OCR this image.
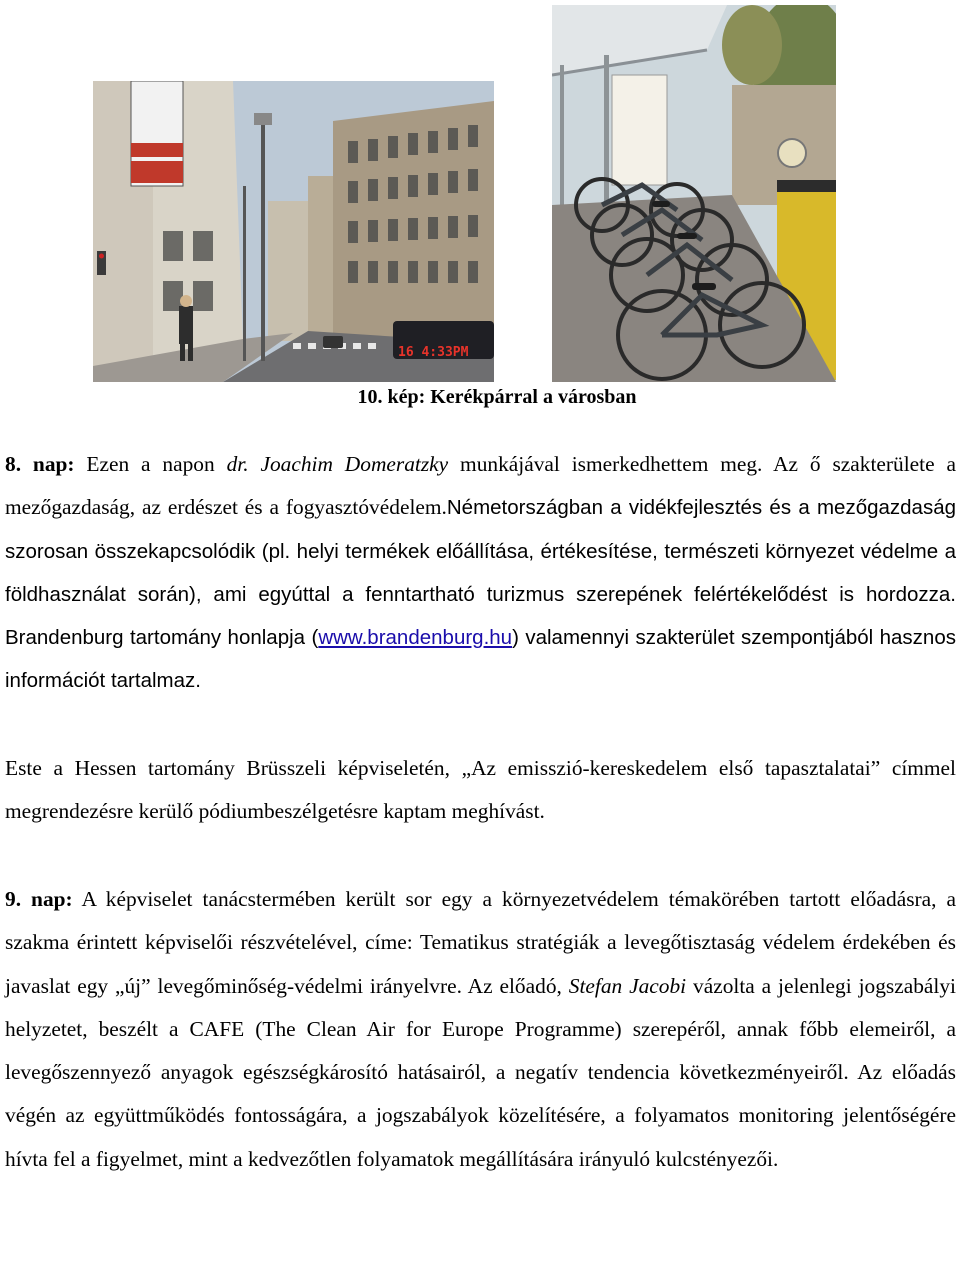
16 4:33PM
10. kép: Kerékpárral a városban

8. nap: Ezen a napon dr. Joachim Domeratzky munkájával ismerkedhettem meg. Az ő szakterülete a mezőgazdaság, az erdészet és a fogyasztóvédelem.Németországban a vidékfejlesztés és a mezőgazdaság szorosan összekapcsolódik (pl. helyi termékek előállítása, értékesítése, természeti környezet védelme a földhasználat során), ami egyúttal a fenntartható turizmus szerepének felértékelődést is hordozza. Brandenburg tartomány honlapja (www.brandenburg.hu) valamennyi szakterület szempontjából hasznos információt tartalmaz.

Este a Hessen tartomány Brüsszeli képviseletén, „Az emisszió-kereskedelem első tapasztalatai” címmel megrendezésre kerülő pódiumbeszélgetésre kaptam meghívást.

9. nap: A képviselet tanácstermében került sor egy a környezetvédelem témakörében tartott előadásra, a szakma érintett képviselői részvételével, címe: Tematikus stratégiák a levegőtisztaság védelem érdekében és javaslat egy „új” levegőminőség-védelmi irányelvre. Az előadó, Stefan Jacobi vázolta a jelenlegi jogszabályi helyzetet, beszélt a CAFE (The Clean Air for Europe Programme) szerepéről, annak főbb elemeiről, a levegőszennyező anyagok egészségkárosító hatásairól, a negatív tendencia következményeiről. Az előadás végén az együttműködés fontosságára, a jogszabályok közelítésére, a folyamatos monitoring jelentőségére hívta fel a figyelmet, mint a kedvezőtlen folyamatok megállítására irányuló kulcstényezői.
